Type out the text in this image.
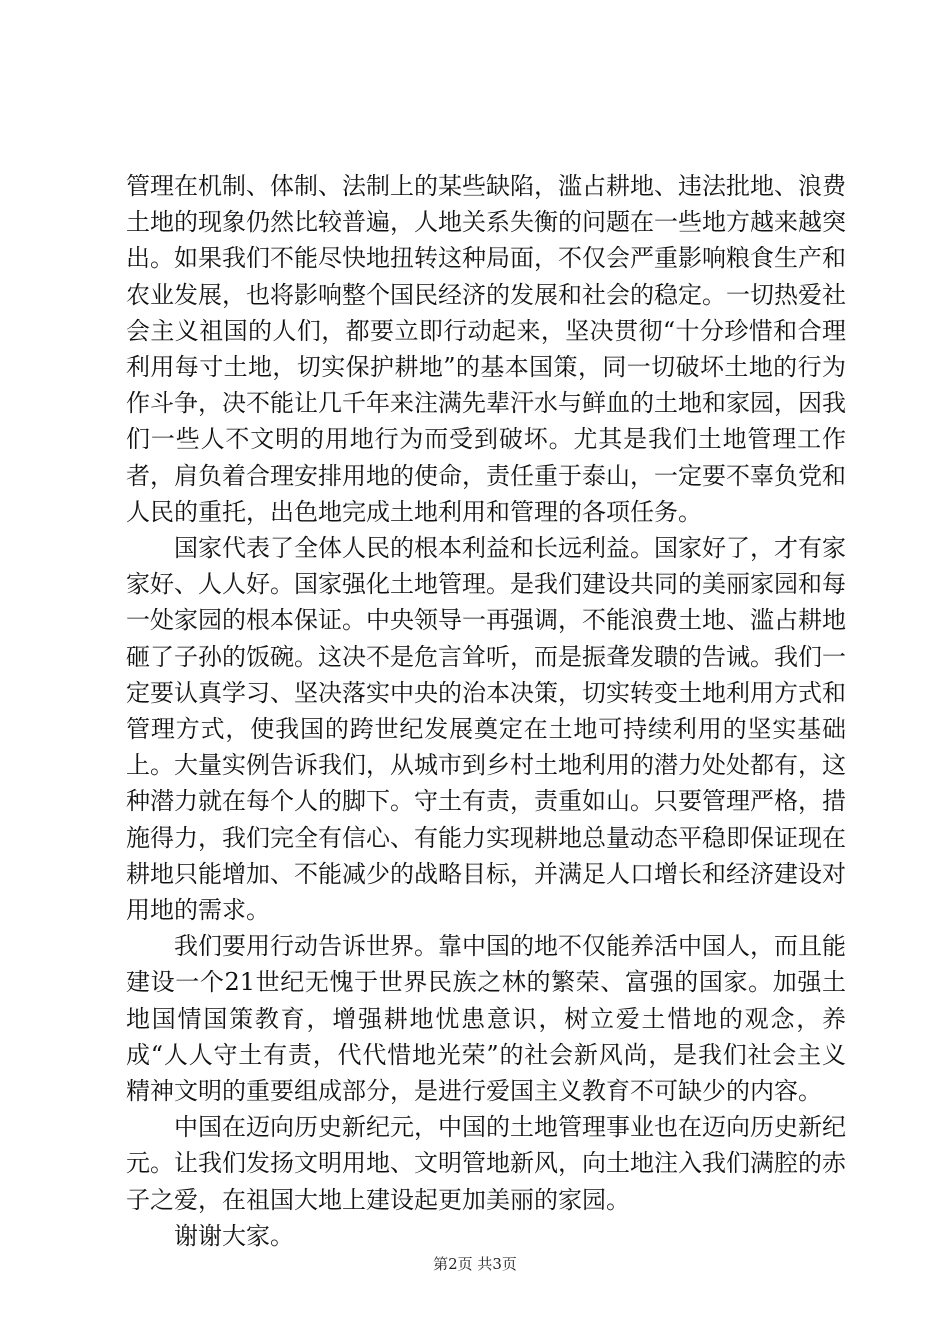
管理在机制、体制、法制上的某些缺陷，滥占耕地、违法批地、浪费土地的现象仍然比较普遍，人地关系失衡的问题在一些地方越来越突出。如果我们不能尽快地扭转这种局面，不仅会严重影响粮食生产和农业发展，也将影响整个国民经济的发展和社会的稳定。一切热爱社会主义祖国的人们，都要立即行动起来，坚决贯彻“十分珍惜和合理利用每寸土地，切实保护耕地”的基本国策，同一切破坏土地的行为作斗争，决不能让几千年来注满先辈汗水与鲜血的土地和家园，因我们一些人不文明的用地行为而受到破坏。尤其是我们土地管理工作者，肩负着合理安排用地的使命，责任重于泰山，一定要不辜负党和人民的重托，出色地完成土地利用和管理的各项任务。

国家代表了全体人民的根本利益和长远利益。国家好了，才有家家好、人人好。国家强化土地管理。是我们建设共同的美丽家园和每一处家园的根本保证。中央领导一再强调，不能浪费土地、滥占耕地砸了子孙的饭碗。这决不是危言耸听，而是振聋发聩的告诫。我们一定要认真学习、坚决落实中央的治本决策，切实转变土地利用方式和管理方式，使我国的跨世纪发展奠定在土地可持续利用的坚实基础上。大量实例告诉我们，从城市到乡村土地利用的潜力处处都有，这种潜力就在每个人的脚下。守土有责，责重如山。只要管理严格，措施得力，我们完全有信心、有能力实现耕地总量动态平稳即保证现在耕地只能增加、不能减少的战略目标，并满足人口增长和经济建设对用地的需求。

我们要用行动告诉世界。靠中国的地不仅能养活中国人，而且能建设一个21世纪无愧于世界民族之林的繁荣、富强的国家。加强土地国情国策教育，增强耕地忧患意识，树立爱土惜地的观念，养成“人人守土有责，代代惜地光荣”的社会新风尚，是我们社会主义精神文明的重要组成部分，是进行爱国主义教育不可缺少的内容。

中国在迈向历史新纪元，中国的土地管理事业也在迈向历史新纪元。让我们发扬文明用地、文明管地新风，向土地注入我们满腔的赤子之爱，在祖国大地上建设起更加美丽的家园。

谢谢大家。

第2页 共3页
